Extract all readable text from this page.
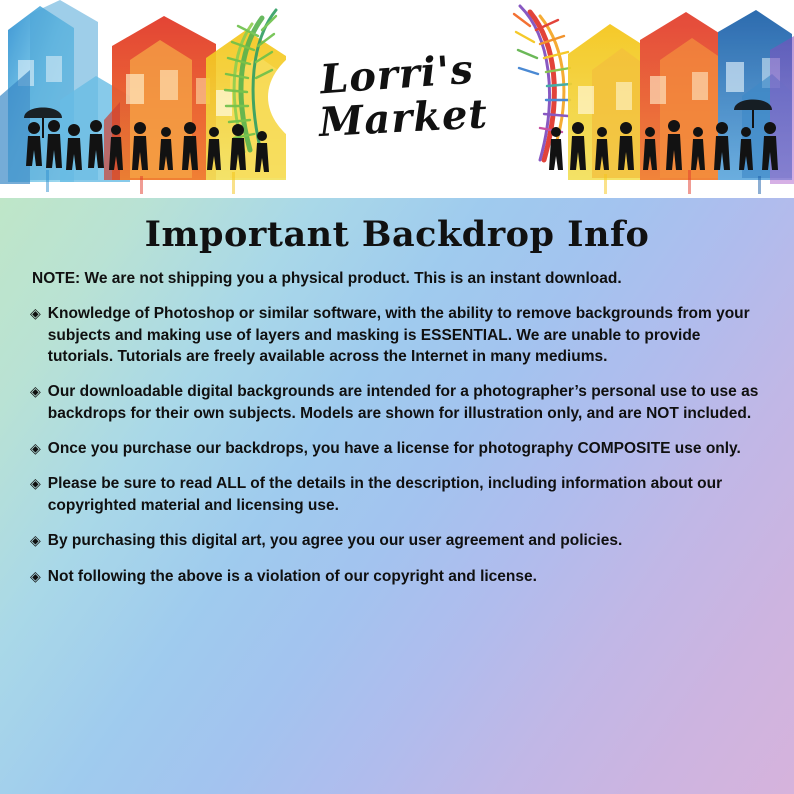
Lorri's
Market
Important Backdrop Info

NOTE: We are not shipping you a physical product. This is an instant download.

◈ Knowledge of Photoshop or similar software, with the ability to remove backgrounds from your subjects and making use of layers and masking is ESSENTIAL. We are unable to provide tutorials. Tutorials are freely available across the Internet in many mediums.
◈ Our downloadable digital backgrounds are intended for a photographer’s personal use to use as backdrops for their own subjects. Models are shown for illustration only, and are NOT included.
◈ Once you purchase our backdrops, you have a license for photography COMPOSITE use only.
◈ Please be sure to read ALL of the details in the description, including information about our copyrighted material and licensing use.
◈ By purchasing this digital art, you agree you our user agreement and policies.
◈ Not following the above is a violation of our copyright and license.
